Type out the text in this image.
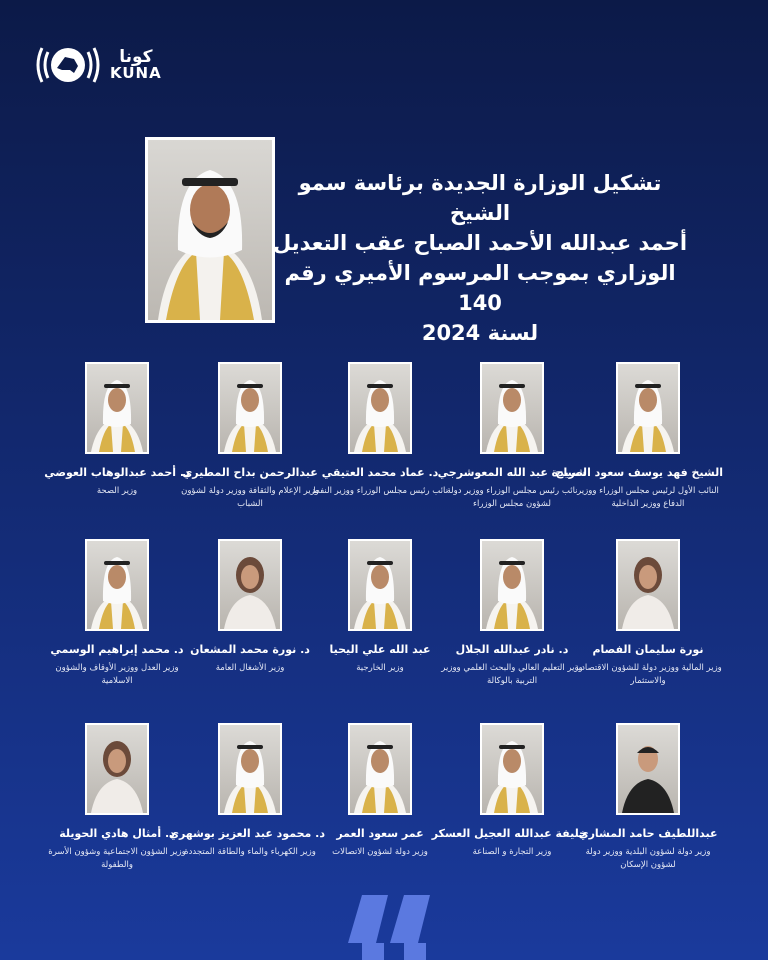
كونا
KUNA
تشكيل الوزارة الجديدة برئاسة سمو الشيخ
أحمد عبدالله الأحمد الصباح عقب التعديل
الوزاري بموجب المرسوم الأميري رقم 140
لسنة 2024
الشيخ فهد يوسف سعود الصباح
النائب الأول لرئيس مجلس الوزراء ووزير الدفاع ووزير الداخلية
شريدة عبد الله المعوشرجي
نائب رئيس مجلس الوزراء ووزير دولة لشؤون مجلس الوزراء
د. عماد محمد العتيقي
نائب رئيس مجلس الوزراء ووزير النفط
عبدالرحمن بداح المطيري
وزير الإعلام والثقافة ووزير دولة لشؤون الشباب
د. أحمد عبدالوهاب العوضي
وزير الصحة
نورة سليمان الفصام
وزير المالية ووزير دولة للشؤون الاقتصادية والاستثمار
د. نادر عبدالله الجلال
وزير التعليم العالي والبحث العلمي ووزير التربية بالوكالة
عبد الله علي اليحيا
وزير الخارجية
د. نورة محمد المشعان
وزير الأشغال العامة
د. محمد إبراهيم الوسمي
وزير العدل ووزير الأوقاف والشؤون الاسلامية
عبداللطيف حامد المشاري
وزير دولة لشؤون البلدية ووزير دولة لشؤون الإسكان
خليفة عبدالله العجيل العسكر
وزير التجارة و الصناعة
عمر سعود العمر
وزير دولة لشؤون الاتصالات
د. محمود عبد العزيز بوشهري
وزير الكهرباء والماء والطاقة المتجددة
د. أمثال هادي الحويلة
وزير الشؤون الاجتماعية وشؤون الأسرة والطفولة
